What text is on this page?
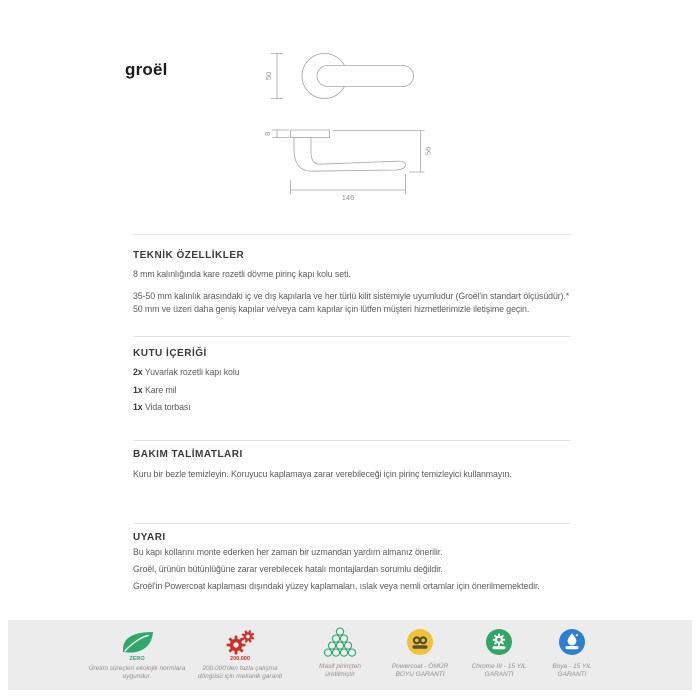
groël	50
8
56
146
TEKNİK ÖZELLİKLER
8 mm kalınlığında kare rozetli dövme pirinç kapı kolu seti.
35-50 mm kalınlık arasındaki iç ve dış kapılarla ve her türlü kilit sistemiyle uyumludur (Groël'in standart ölçüsüdür).*
50 mm ve üzeri daha geniş kapılar ve/veya cam kapılar için lütfen müşteri hizmetlerimizle iletişime geçin.
KUTU İÇERİĞİ
2x Yuvarlak rozetli kapı kolu
1x Kare mil
1x Vida torbası
BAKIM TALİMATLARI
Kuru bir bezle temizleyin. Koruyucu kaplamaya zarar verebileceği için pirinç temizleyici kullanmayın.
UYARI
Bu kapı kollarını monte ederken her zaman bir uzmandan yardım almanız önerilir.
Groël, ürünün bütünlüğüne zarar verebilecek hatalı montajlardan sorumlu değildir.
Groël'in Powercoat kaplaması dışındaki yüzey kaplamaları, ıslak veya nemli ortamlar için önerilmemektedir.
ZERO
Üretim süreçleri ekolojik normlara uygundur.
200.000
200.000'den fazla çalışma döngüsü için mekanik garanti
Masif pirinçten üretilmiştir
Powercoat - ÖMÜR BOYU GARANTİ
Chrome III - 15 YIL GARANTİ
Boya - 15 YIL GARANTİ
